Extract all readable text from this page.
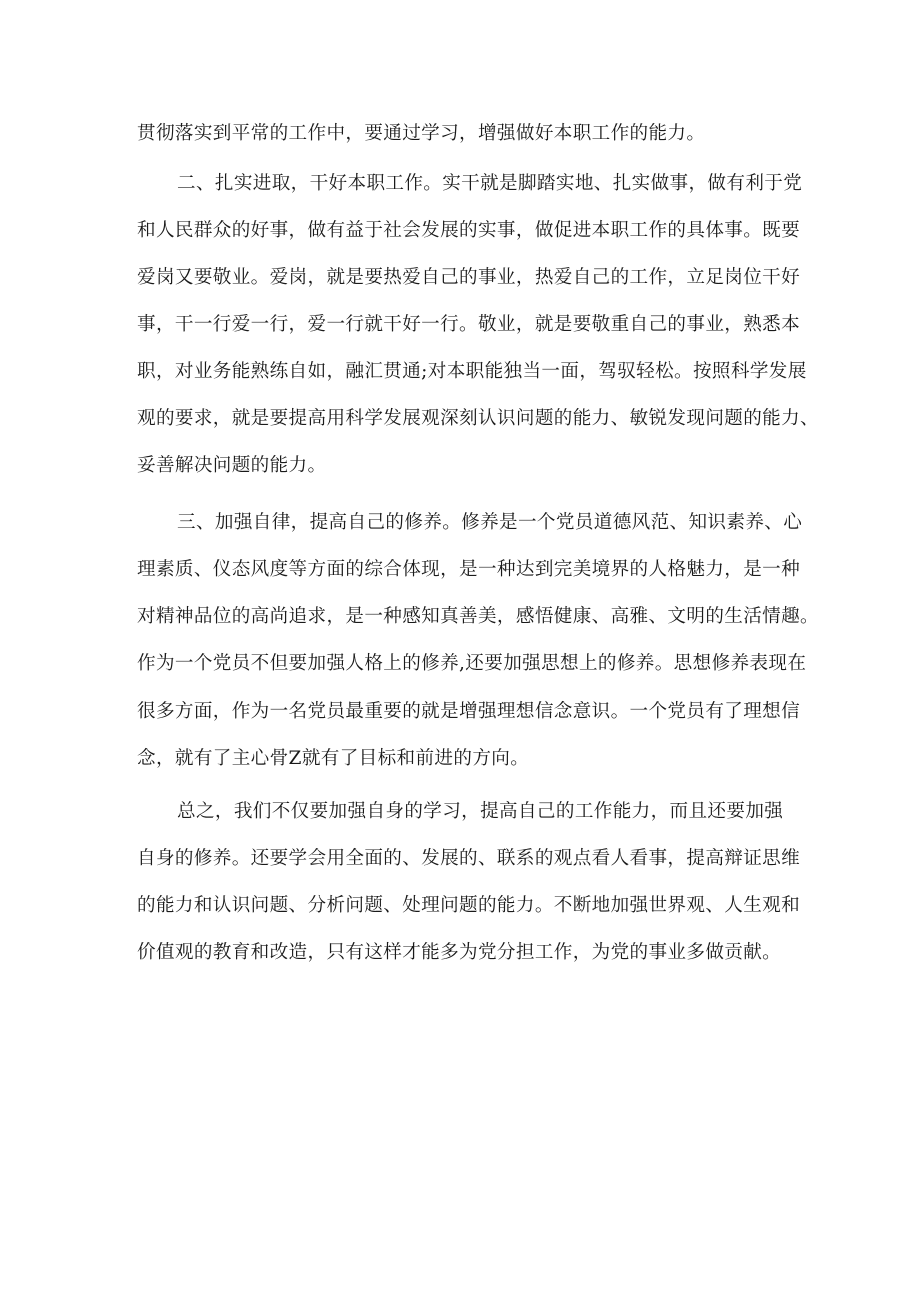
贯彻落实到平常的工作中，要通过学习，增强做好本职工作的能力。
二、扎实进取，干好本职工作。实干就是脚踏实地、扎实做事，做有利于党
和人民群众的好事，做有益于社会发展的实事，做促进本职工作的具体事。既要
爱岗又要敬业。爱岗，就是要热爱自己的事业，热爱自己的工作，立足岗位干好
事，干一行爱一行，爱一行就干好一行。敬业，就是要敬重自己的事业，熟悉本
职，对业务能熟练自如，融汇贯通;对本职能独当一面，驾驭轻松。按照科学发展
观的要求，就是要提高用科学发展观深刻认识问题的能力、敏锐发现问题的能力、
妥善解决问题的能力。
三、加强自律，提高自己的修养。修养是一个党员道德风范、知识素养、心
理素质、仪态风度等方面的综合体现，是一种达到完美境界的人格魅力，是一种
对精神品位的高尚追求，是一种感知真善美，感悟健康、高雅、文明的生活情趣。
作为一个党员不但要加强人格上的修养,还要加强思想上的修养。思想修养表现在
很多方面，作为一名党员最重要的就是增强理想信念意识。一个党员有了理想信
念，就有了主心骨Z就有了目标和前进的方向。
总之，我们不仅要加强自身的学习，提高自己的工作能力，而且还要加强
自身的修养。还要学会用全面的、发展的、联系的观点看人看事，提高辩证思维
的能力和认识问题、分析问题、处理问题的能力。不断地加强世界观、人生观和
价值观的教育和改造，只有这样才能多为党分担工作，为党的事业多做贡献。
